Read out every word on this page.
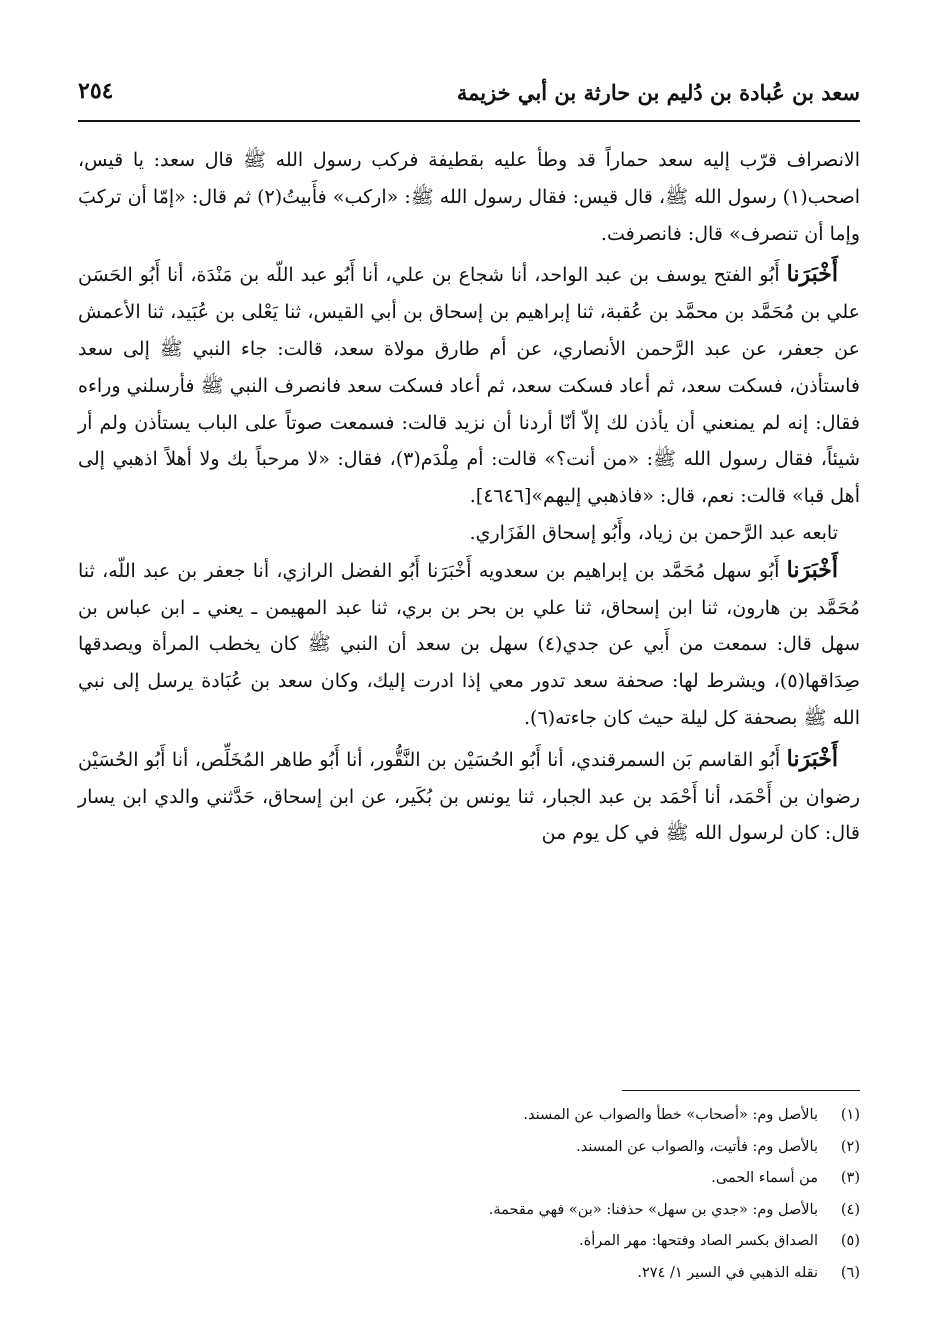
سعد بن عُبادة بن دُليم بن حارثة بن أبي خزيمة
٢٥٤

الانصراف قرّب إليه سعد حماراً قد وطأ عليه بقطيفة فركب رسول الله ﷺ قال سعد: يا قيس، اصحب(١) رسول الله ﷺ، قال قيس: فقال رسول الله ﷺ: «اركب» فأَبيتُ(٢) ثم قال: «إمّا أن تركبَ وإما أن تنصرف» قال: فانصرفت.

أَخْبَرَنا أَبُو الفتح يوسف بن عبد الواحد، أنا شجاع بن علي، أنا أَبُو عبد اللّه بن مَنْدَة، أنا أَبُو الحَسَن علي بن مُحَمَّد بن محمَّد بن عُقبة، ثنا إبراهيم بن إسحاق بن أبي القيس، ثنا يَعْلى بن عُبَيد، ثنا الأعمش عن جعفر، عن عبد الرَّحمن الأنصاري، عن أم طارق مولاة سعد، قالت: جاء النبي ﷺ إلى سعد فاستأذن، فسكت سعد، ثم أعاد فسكت سعد، ثم أعاد فسكت سعد فانصرف النبي ﷺ فأرسلني وراءه فقال: إنه لم يمنعني أن يأذن لك إلاّ أنّا أردنا أن نزيد قالت: فسمعت صوتاً على الباب يستأذن ولم أر شيئاً، فقال رسول الله ﷺ: «من أنت؟» قالت: أم مِلْدَم(٣)، فقال: «لا مرحباً بك ولا أهلاً اذهبي إلى أهل قبا» قالت: نعم، قال: «فاذهبي إليهم»[٤٦٤٦].

تابعه عبد الرَّحمن بن زياد، وأَبُو إسحاق الفَزَاري.

أَخْبَرَنا أَبُو سهل مُحَمَّد بن إبراهيم بن سعدويه أَخْبَرَنا أَبُو الفضل الرازي، أنا جعفر بن عبد اللّه، ثنا مُحَمَّد بن هارون، ثنا ابن إسحاق، ثنا علي بن بحر بن بري، ثنا عبد المهيمن ـ يعني ـ ابن عباس بن سهل قال: سمعت من أَبي عن جدي(٤) سهل بن سعد أن النبي ﷺ كان يخطب المرأة ويصدقها صِدَاقها(٥)، ويشرط لها: صحفة سعد تدور معي إذا ادرت إليك، وكان سعد بن عُبَادة يرسل إلى نبي الله ﷺ بصحفة كل ليلة حيث كان جاءته(٦).

أَخْبَرَنا أَبُو القاسم بَن السمرقندي، أنا أَبُو الحُسَيْن بن النَّقُّور، أنا أَبُو طاهر المُخَلِّص، أنا أَبُو الحُسَيْن رضوان بن أَحْمَد، أنا أَحْمَد بن عبد الجبار، ثنا يونس بن بُكَير، عن ابن إسحاق، حَدَّثني والدي ابن يسار قال: كان لرسول الله ﷺ في كل يوم من

(١)
بالأصل وم: «أصحاب» خطأ والصواب عن المسند.
(٢)
بالأصل وم: فأتيت، والصواب عن المسند.
(٣)
من أسماء الحمى.
(٤)
بالأصل وم: «جدي بن سهل» حذفنا: «بن» فهي مقحمة.
(٥)
الصداق بكسر الصاد وفتحها: مهر المرأة.
(٦)
نقله الذهبي في السير ١/ ٢٧٤.
